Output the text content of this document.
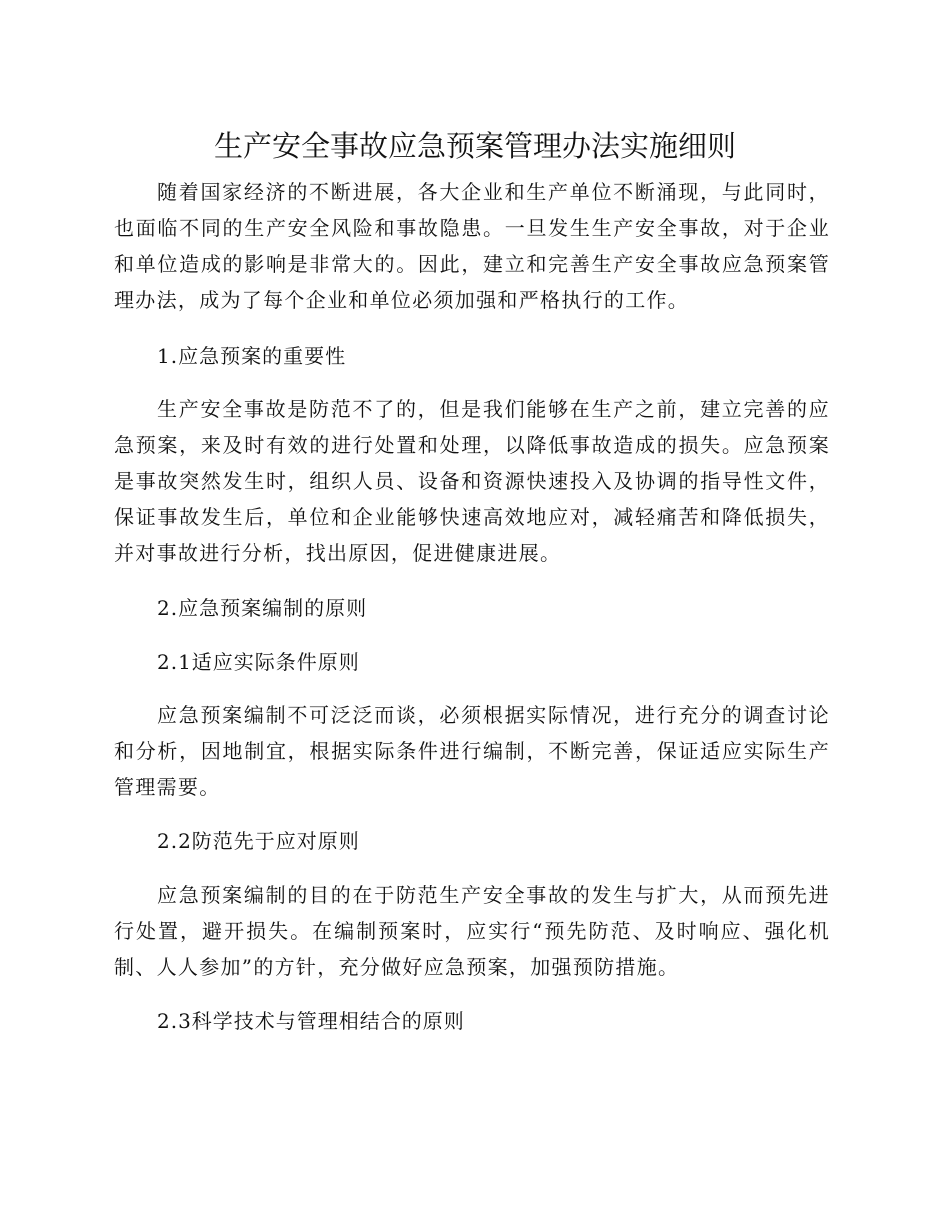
生产安全事故应急预案管理办法实施细则

随着国家经济的不断进展，各大企业和生产单位不断涌现，与此同时，也面临不同的生产安全风险和事故隐患。一旦发生生产安全事故，对于企业和单位造成的影响是非常大的。因此，建立和完善生产安全事故应急预案管理办法，成为了每个企业和单位必须加强和严格执行的工作。

1.应急预案的重要性

生产安全事故是防范不了的，但是我们能够在生产之前，建立完善的应急预案，来及时有效的进行处置和处理，以降低事故造成的损失。应急预案是事故突然发生时，组织人员、设备和资源快速投入及协调的指导性文件，保证事故发生后，单位和企业能够快速高效地应对，减轻痛苦和降低损失，并对事故进行分析，找出原因，促进健康进展。

2.应急预案编制的原则
2.1适应实际条件原则

应急预案编制不可泛泛而谈，必须根据实际情况，进行充分的调查讨论和分析，因地制宜，根据实际条件进行编制，不断完善，保证适应实际生产管理需要。

2.2防范先于应对原则

应急预案编制的目的在于防范生产安全事故的发生与扩大，从而预先进行处置，避开损失。在编制预案时，应实行“预先防范、及时响应、强化机制、人人参加”的方针，充分做好应急预案，加强预防措施。

2.3科学技术与管理相结合的原则
